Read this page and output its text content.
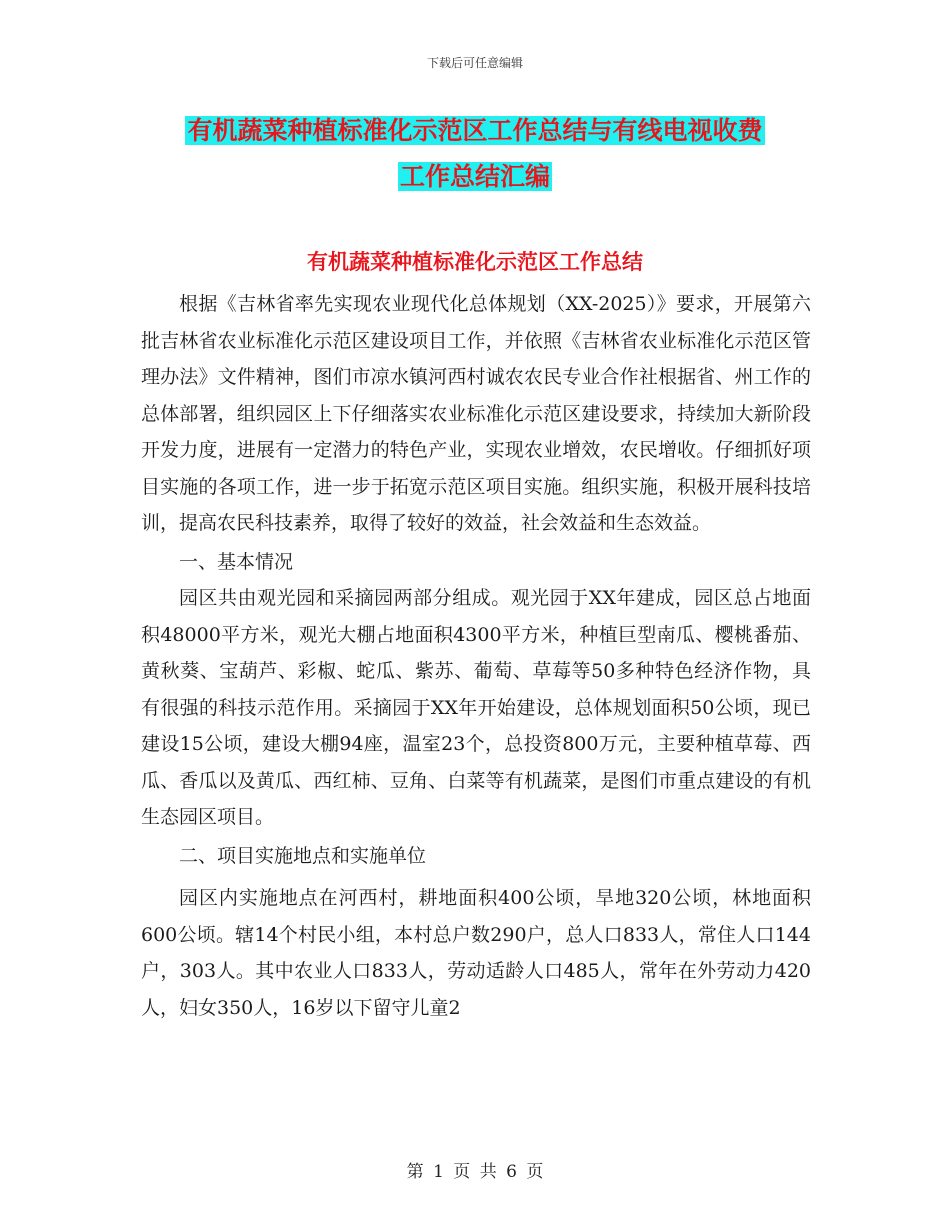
下载后可任意编辑
有机蔬菜种植标准化示范区工作总结与有线电视收费
工作总结汇编
有机蔬菜种植标准化示范区工作总结

根据《吉林省率先实现农业现代化总体规划（XX-2025）》要求，开展第六批吉林省农业标准化示范区建设项目工作，并依照《吉林省农业标准化示范区管理办法》文件精神，图们市凉水镇河西村诚农农民专业合作社根据省、州工作的总体部署，组织园区上下仔细落实农业标准化示范区建设要求，持续加大新阶段开发力度，进展有一定潜力的特色产业，实现农业增效，农民增收。仔细抓好项目实施的各项工作，进一步于拓宽示范区项目实施。组织实施，积极开展科技培训，提高农民科技素养，取得了较好的效益，社会效益和生态效益。

一、基本情况

园区共由观光园和采摘园两部分组成。观光园于XX年建成，园区总占地面积48000平方米，观光大棚占地面积4300平方米，种植巨型南瓜、樱桃番茄、黄秋葵、宝葫芦、彩椒、蛇瓜、紫苏、葡萄、草莓等50多种特色经济作物，具有很强的科技示范作用。采摘园于XX年开始建设，总体规划面积50公顷，现已建设15公顷，建设大棚94座，温室23个，总投资800万元，主要种植草莓、西瓜、香瓜以及黄瓜、西红柿、豆角、白菜等有机蔬菜，是图们市重点建设的有机生态园区项目。

二、项目实施地点和实施单位

园区内实施地点在河西村，耕地面积400公顷，旱地320公顷，林地面积600公顷。辖14个村民小组，本村总户数290户，总人口833人，常住人口144户，303人。其中农业人口833人，劳动适龄人口485人，常年在外劳动力420人，妇女350人，16岁以下留守儿童2

第 1 页 共 6 页
